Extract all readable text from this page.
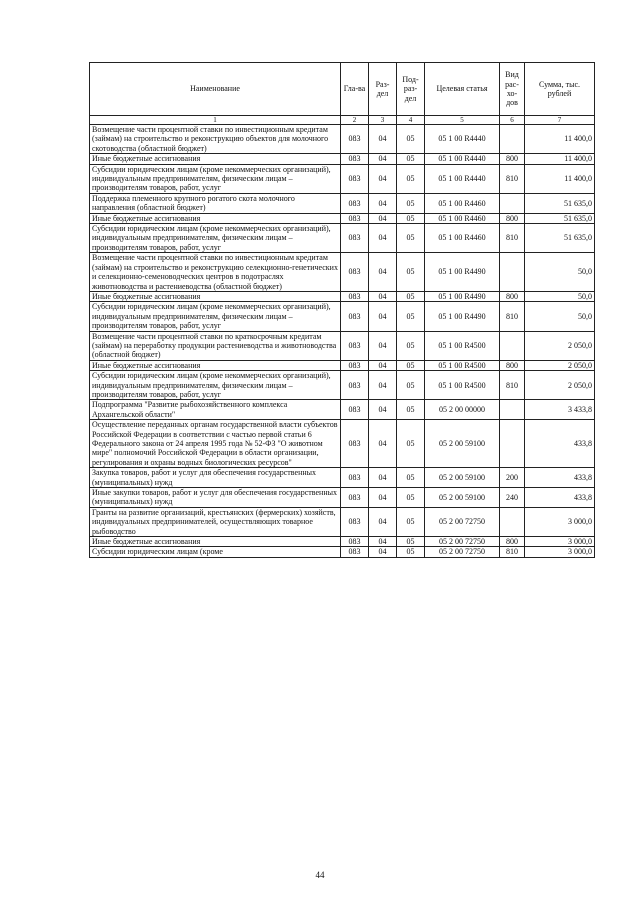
Наименование	Гла-ва	Раз-дел	Под-раз-дел	Целевая статья	Вид рас-хо-дов	Сумма, тыс. рублей
1	2	3	4	5	6	7
Возмещение части процентной ставки по инвестиционным кредитам (займам) на строительство и реконструкцию объектов для молочного скотоводства (областной бюджет)	083	04	05	05 1 00 R4440		11 400,0
Иные бюджетные ассигнования	083	04	05	05 1 00 R4440	800	11 400,0
Субсидии юридическим лицам (кроме некоммерческих организаций), индивидуальным предпринимателям, физическим лицам – производителям товаров, работ, услуг	083	04	05	05 1 00 R4440	810	11 400,0
Поддержка племенного крупного рогатого скота молочного направления (областной бюджет)	083	04	05	05 1 00 R4460		51 635,0
Иные бюджетные ассигнования	083	04	05	05 1 00 R4460	800	51 635,0
Субсидии юридическим лицам (кроме некоммерческих организаций), индивидуальным предпринимателям, физическим лицам – производителям товаров, работ, услуг	083	04	05	05 1 00 R4460	810	51 635,0
Возмещение части процентной ставки по инвестиционным кредитам (займам) на строительство и реконструкцию селекционно-генетических и селекционно-семеноводческих центров в подотраслях животноводства и растениеводства (областной бюджет)	083	04	05	05 1 00 R4490		50,0
Иные бюджетные ассигнования	083	04	05	05 1 00 R4490	800	50,0
Субсидии юридическим лицам (кроме некоммерческих организаций), индивидуальным предпринимателям, физическим лицам – производителям товаров, работ, услуг	083	04	05	05 1 00 R4490	810	50,0
Возмещение части процентной ставки по краткосрочным кредитам (займам) на переработку продукции растениеводства и животноводства (областной бюджет)	083	04	05	05 1 00 R4500		2 050,0
Иные бюджетные ассигнования	083	04	05	05 1 00 R4500	800	2 050,0
Субсидии юридическим лицам (кроме некоммерческих организаций), индивидуальным предпринимателям, физическим лицам – производителям товаров, работ, услуг	083	04	05	05 1 00 R4500	810	2 050,0
Подпрограмма "Развитие рыбохозяйственного комплекса Архангельской области"	083	04	05	05 2 00 00000		3 433,8
Осуществление переданных органам государственной власти субъектов Российской Федерации в соответствии с частью первой статьи 6 Федерального закона от 24 апреля 1995 года № 52-ФЗ "О животном мире" полномочий Российской Федерации в области организации, регулирования и охраны водных биологических ресурсов"	083	04	05	05 2 00 59100		433,8
Закупка товаров, работ и услуг для обеспечения государственных (муниципальных) нужд	083	04	05	05 2 00 59100	200	433,8
Иные закупки товаров, работ и услуг для обеспечения государственных (муниципальных) нужд	083	04	05	05 2 00 59100	240	433,8
Гранты на развитие организаций, крестьянских (фермерских) хозяйств, индивидуальных предпринимателей, осуществляющих товарное рыбоводство	083	04	05	05 2 00 72750		3 000,0
Иные бюджетные ассигнования	083	04	05	05 2 00 72750	800	3 000,0
Субсидии юридическим лицам (кроме	083	04	05	05 2 00 72750	810	3 000,0
44
